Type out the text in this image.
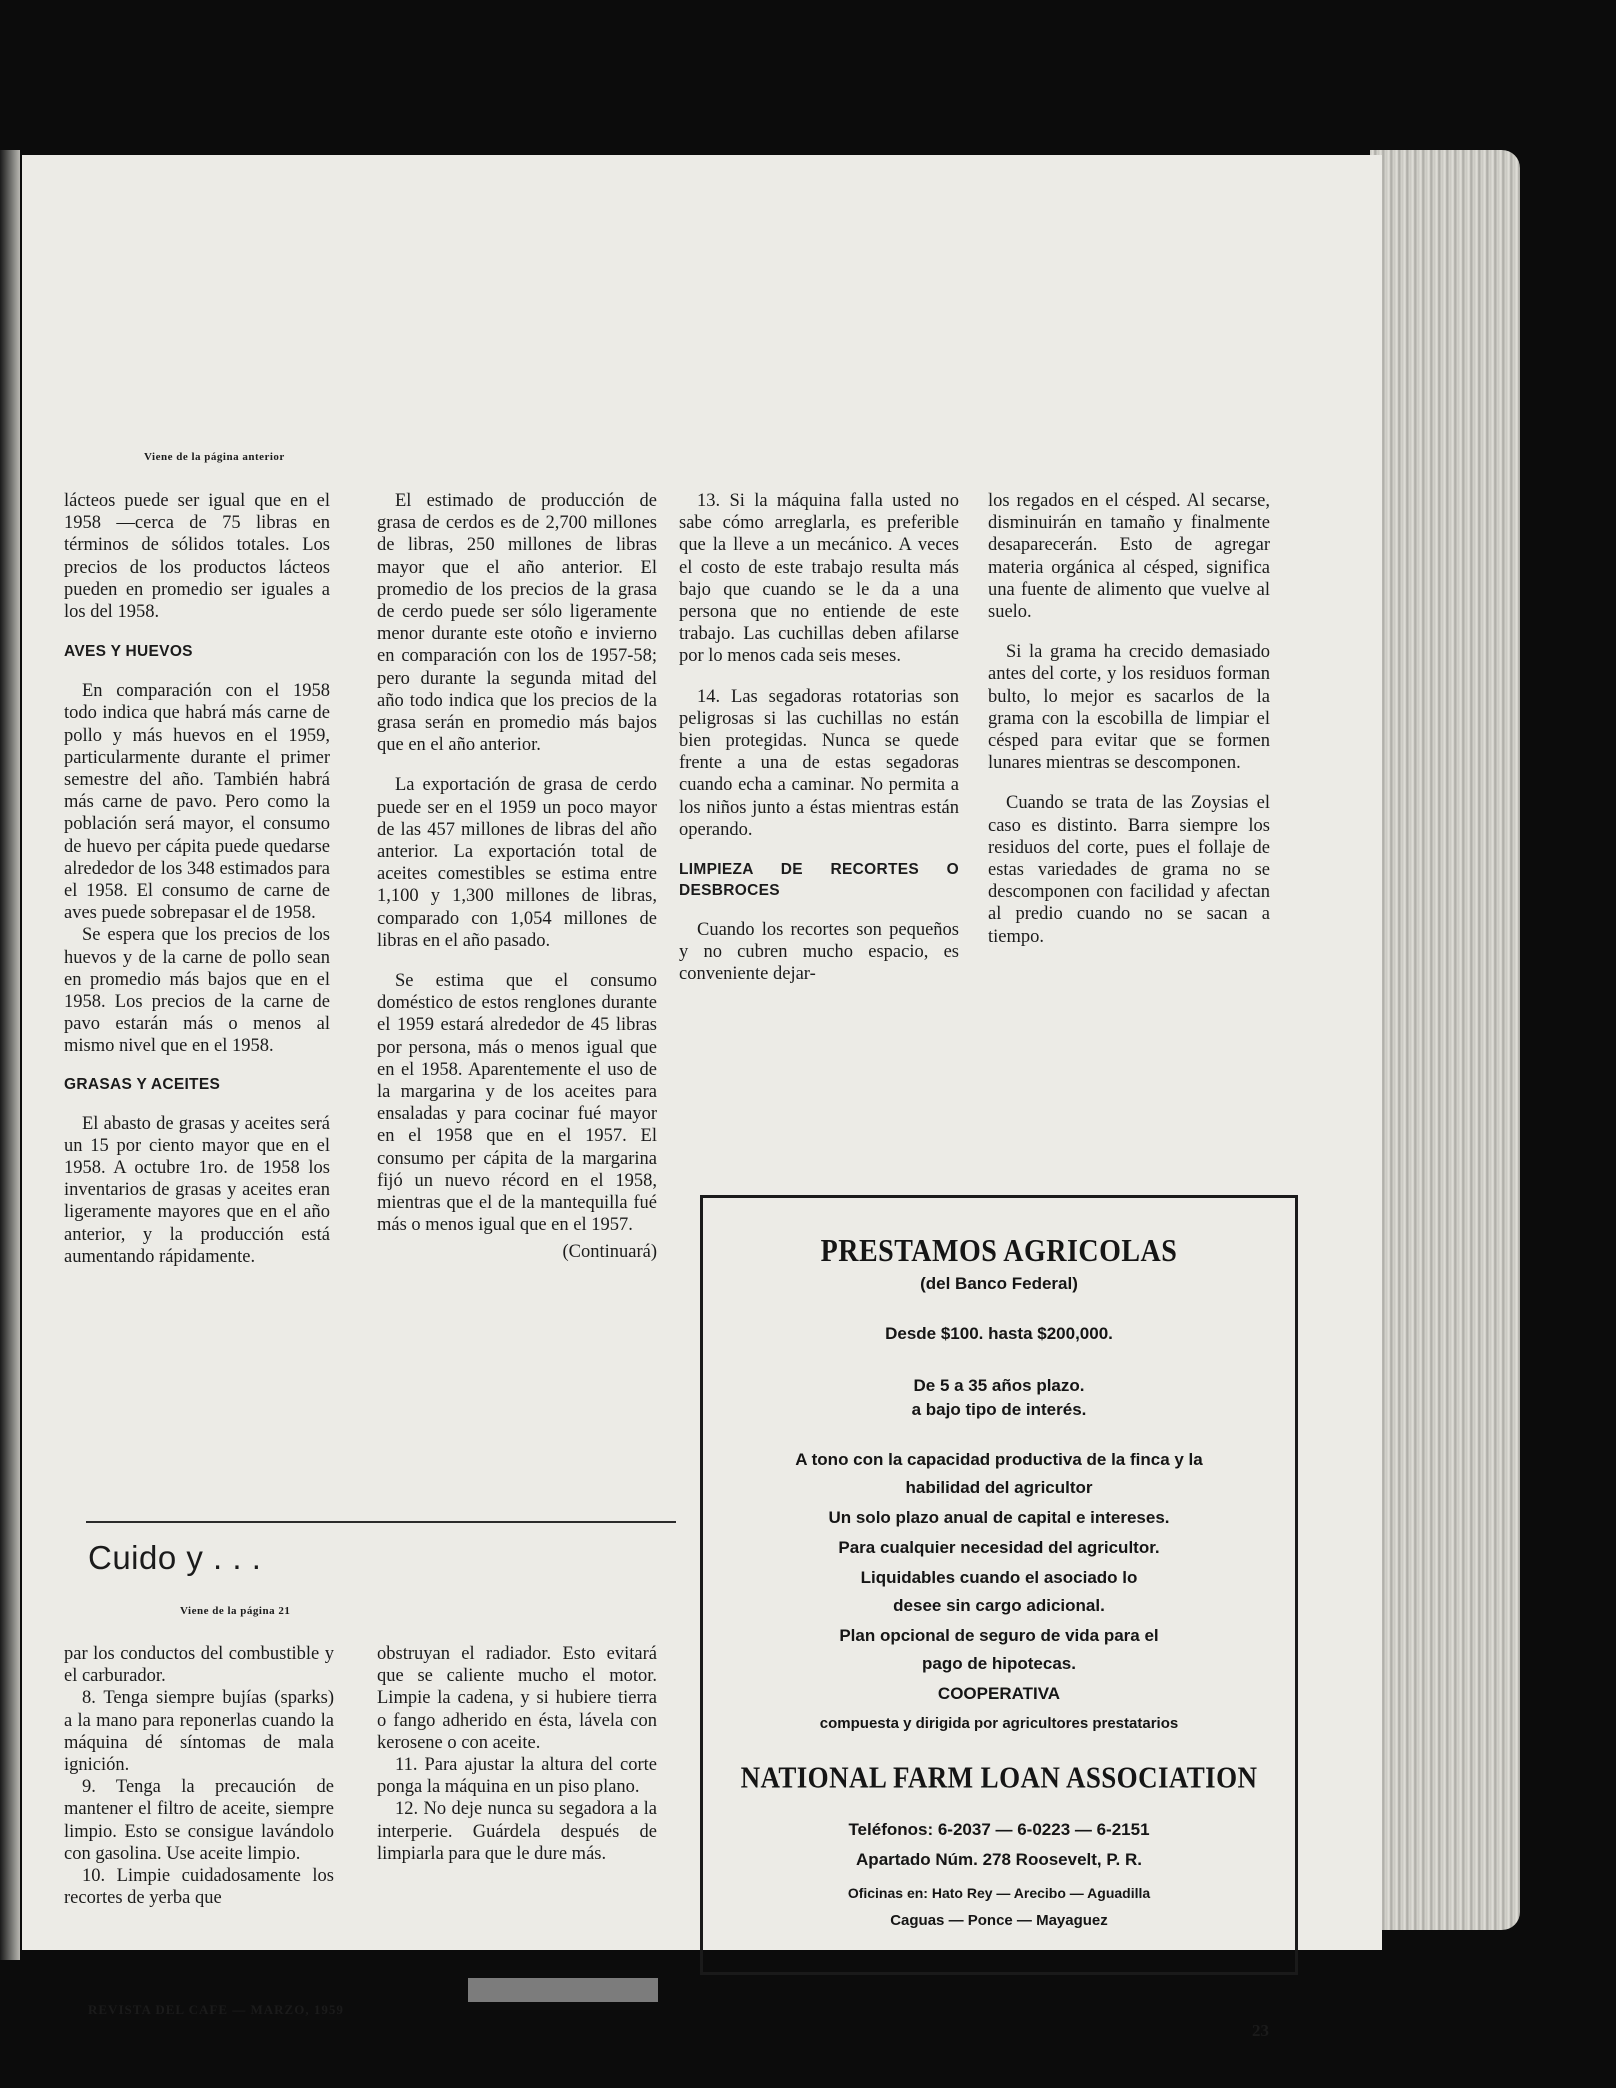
Viene de la página anterior

lácteos puede ser igual que en el 1958 —cerca de 75 libras en términos de sólidos totales. Los precios de los productos lácteos pueden en promedio ser iguales a los del 1958.

AVES Y HUEVOS

En comparación con el 1958 todo indica que habrá más carne de pollo y más huevos en el 1959, particularmente durante el primer semestre del año. También habrá más carne de pavo. Pero como la población será mayor, el consumo de huevo per cápita puede quedarse alrededor de los 348 estimados para el 1958. El consumo de carne de aves puede sobrepasar el de 1958.

Se espera que los precios de los huevos y de la carne de pollo sean en promedio más bajos que en el 1958. Los precios de la carne de pavo estarán más o menos al mismo nivel que en el 1958.

GRASAS Y ACEITES

El abasto de grasas y aceites será un 15 por ciento mayor que en el 1958. A octubre 1ro. de 1958 los inventarios de grasas y aceites eran ligeramente mayores que en el año anterior, y la producción está aumentando rápidamente.

El estimado de producción de grasa de cerdos es de 2,700 millones de libras, 250 millones de libras mayor que el año anterior. El promedio de los precios de la grasa de cerdo puede ser sólo ligeramente menor durante este otoño e invierno en comparación con los de 1957-58; pero durante la segunda mitad del año todo indica que los precios de la grasa serán en promedio más bajos que en el año anterior.

La exportación de grasa de cerdo puede ser en el 1959 un poco mayor de las 457 millones de libras del año anterior. La exportación total de aceites comestibles se estima entre 1,100 y 1,300 millones de libras, comparado con 1,054 millones de libras en el año pasado.

Se estima que el consumo doméstico de estos renglones durante el 1959 estará alrededor de 45 libras por persona, más o menos igual que en el 1958. Aparentemente el uso de la margarina y de los aceites para ensaladas y para cocinar fué mayor en el 1958 que en el 1957. El consumo per cápita de la margarina fijó un nuevo récord en el 1958, mientras que el de la mantequilla fué más o menos igual que en el 1957.

(Continuará)

13. Si la máquina falla usted no sabe cómo arreglarla, es preferible que la lleve a un mecánico. A veces el costo de este trabajo resulta más bajo que cuando se le da a una persona que no entiende de este trabajo. Las cuchillas deben afilarse por lo menos cada seis meses.

14. Las segadoras rotatorias son peligrosas si las cuchillas no están bien protegidas. Nunca se quede frente a una de estas segadoras cuando echa a caminar. No permita a los niños junto a éstas mientras están operando.

LIMPIEZA DE RECORTES O DESBROCES

Cuando los recortes son pequeños y no cubren mucho espacio, es conveniente dejar-

los regados en el césped. Al secarse, disminuirán en tamaño y finalmente desaparecerán. Esto de agregar materia orgánica al césped, significa una fuente de alimento que vuelve al suelo.

Si la grama ha crecido demasiado antes del corte, y los residuos forman bulto, lo mejor es sacarlos de la grama con la escobilla de limpiar el césped para evitar que se formen lunares mientras se descomponen.

Cuando se trata de las Zoysias el caso es distinto. Barra siempre los residuos del corte, pues el follaje de estas variedades de grama no se descomponen con facilidad y afectan al predio cuando no se sacan a tiempo.

Cuido y . . .
Viene de la página 21

par los conductos del combustible y el carburador.

8. Tenga siempre bujías (sparks) a la mano para reponerlas cuando la máquina dé síntomas de mala ignición.

9. Tenga la precaución de mantener el filtro de aceite, siempre limpio. Esto se consigue lavándolo con gasolina. Use aceite limpio.

10. Limpie cuidadosamente los recortes de yerba que

obstruyan el radiador. Esto evitará que se caliente mucho el motor. Limpie la cadena, y si hubiere tierra o fango adherido en ésta, lávela con kerosene o con aceite.

11. Para ajustar la altura del corte ponga la máquina en un piso plano.

12. No deje nunca su segadora a la interperie. Guárdela después de limpiarla para que le dure más.

PRESTAMOS AGRICOLAS
(del Banco Federal)
Desde $100. hasta $200,000.
De 5 a 35 años plazo.
a bajo tipo de interés.
A tono con la capacidad productiva de la finca y la habilidad del agricultor
Un solo plazo anual de capital e intereses.
Para cualquier necesidad del agricultor.
Liquidables cuando el asociado lo desee sin cargo adicional.
Plan opcional de seguro de vida para el pago de hipotecas.
COOPERATIVA
compuesta y dirigida por agricultores prestatarios
NATIONAL FARM LOAN ASSOCIATION
Teléfonos: 6-2037 — 6-0223 — 6-2151
Apartado Núm. 278 Roosevelt, P. R.
Oficinas en: Hato Rey — Arecibo — Aguadilla
Caguas — Ponce — Mayaguez
REVISTA DEL CAFE — MARZO, 1959
23
